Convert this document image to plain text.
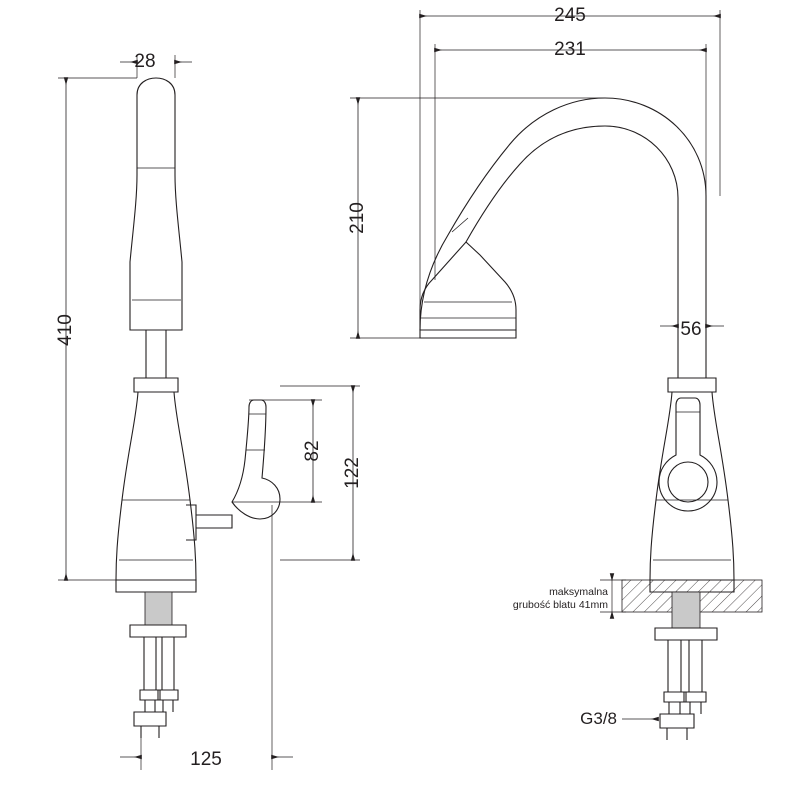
28
410
82
122
125
245
231
210
56
maksymalna
grubość blatu 41mm
G3/8
